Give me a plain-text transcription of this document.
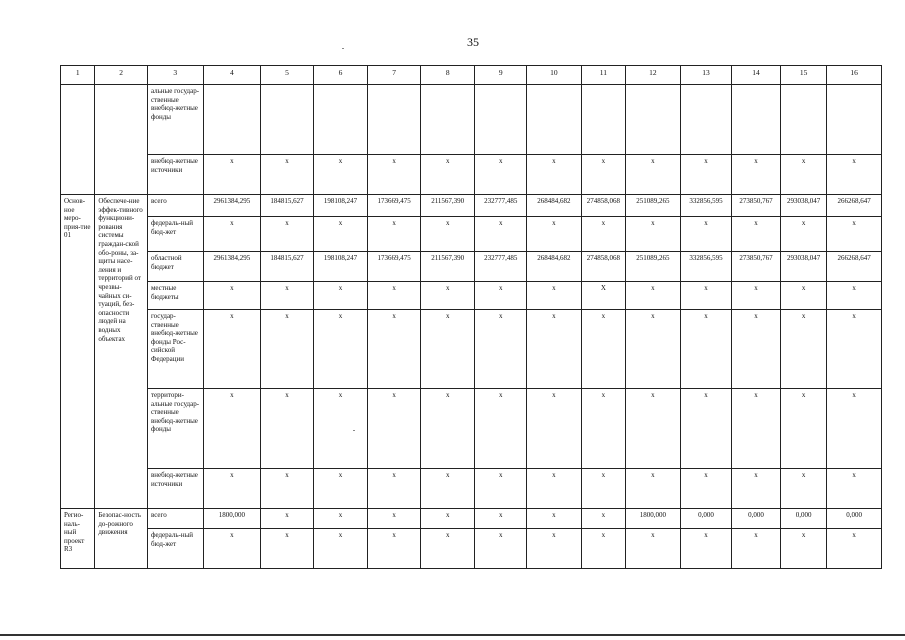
35
1	2	3	4	5	6	7	8	9	10	11	12	13	14	15	16
		альные государ-ственные внебюд-жетные фонды													
		внебюд-жетные источники	x	x	x	x	x	x	x	x	x	x	x	x	x
Основ-ное меро-прия-тие 01	Обеспече-ние эффек-тивного функциони-рования системы граждан-ской обо-роны, за-щиты насе-ления и территорий от чрезвы-чайных си-туаций, без-опасности людей на водных объектах	всего	2961384,295	184815,627	198108,247	173669,475	211567,390	232777,485	268484,682	274858,068	251089,265	332856,595	273850,767	293038,047	266268,647
		федераль-ный бюд-жет	x	x	x	x	x	x	x	x	x	x	x	x	x
		областной бюджет	2961384,295	184815,627	198108,247	173669,475	211567,390	232777,485	268484,682	274858,068	251089,265	332856,595	273850,767	293038,047	266268,647
		местные бюджеты	x	x	x	x	x	x	x	X	x	x	x	x	x
		государ-ственные внебюд-жетные фонды Рос-сийской Федерации	x	x	x	x	x	x	x	x	x	x	x	x	x
		территори-альные государ-ственные внебюд-жетные фонды	x	x	x	x	x	x	x	x	x	x	x	x	x
		внебюд-жетные источники	x	x	x	x	x	x	x	x	x	x	x	x	x
Регио-наль-ный проект R3	Безопас-ность до-рожного движения	всего	1800,000	x	x	x	x	x	x	x	1800,000	0,000	0,000	0,000	0,000
		федераль-ный бюд-жет	x	x	x	x	x	x	x	x	x	x	x	x	x
